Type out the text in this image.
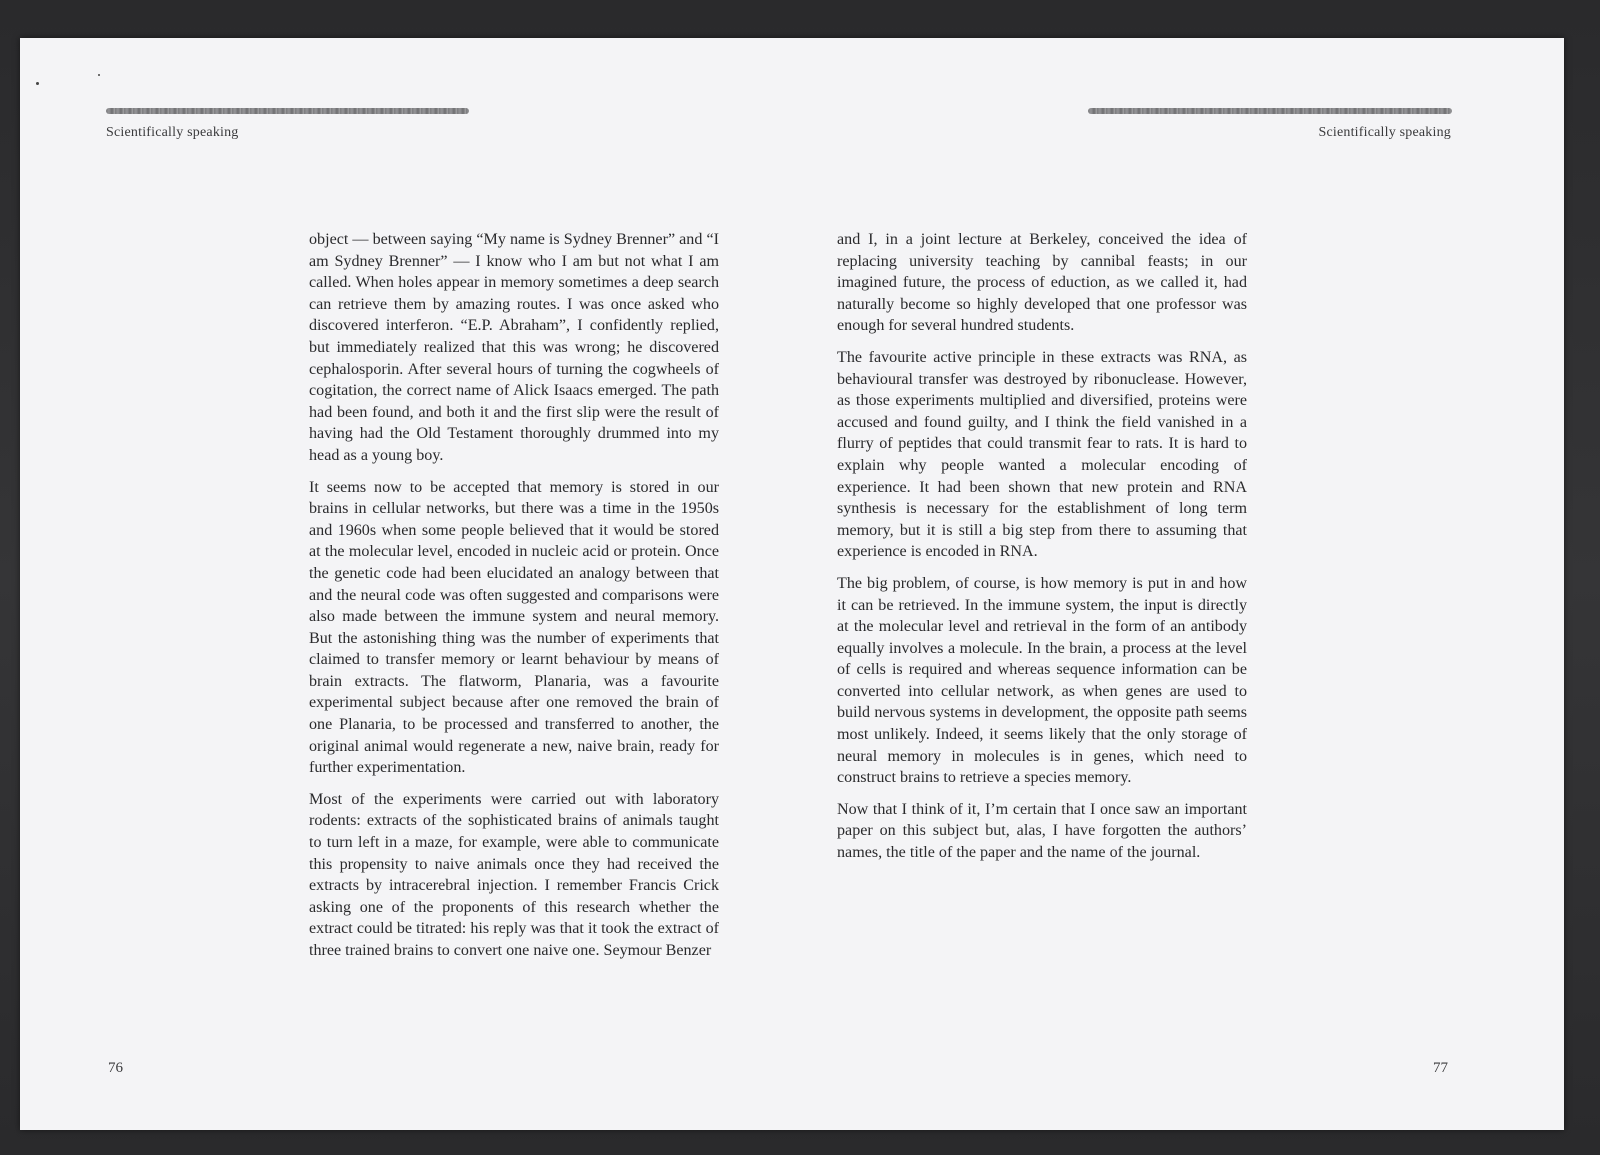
Scientifically speaking	Scientifically speaking

object — between saying “My name is Sydney Brenner” and “I am Sydney Brenner” — I know who I am but not what I am called. When holes appear in memory sometimes a deep search can retrieve them by amazing routes. I was once asked who discovered interferon. “E.P. Abraham”, I confidently replied, but immediately realized that this was wrong; he discovered cephalosporin. After several hours of turning the cogwheels of cogitation, the correct name of Alick Isaacs emerged. The path had been found, and both it and the first slip were the result of having had the Old Testament thoroughly drummed into my head as a young boy.

It seems now to be accepted that memory is stored in our brains in cellular networks, but there was a time in the 1950s and 1960s when some people believed that it would be stored at the molecular level, encoded in nucleic acid or protein. Once the genetic code had been elucidated an analogy between that and the neural code was often suggested and comparisons were also made between the immune system and neural memory. But the astonishing thing was the number of experiments that claimed to transfer memory or learnt behaviour by means of brain extracts. The flatworm, Planaria, was a favourite experimental subject because after one removed the brain of one Planaria, to be processed and transferred to another, the original animal would regenerate a new, naive brain, ready for further experimentation.

Most of the experiments were carried out with laboratory rodents: extracts of the sophisticated brains of animals taught to turn left in a maze, for example, were able to communicate this propensity to naive animals once they had received the extracts by intracerebral injection. I remember Francis Crick asking one of the proponents of this research whether the extract could be titrated: his reply was that it took the extract of three trained brains to convert one naive one. Seymour Benzer

and I, in a joint lecture at Berkeley, conceived the idea of replacing university teaching by cannibal feasts; in our imagined future, the process of eduction, as we called it, had naturally become so highly developed that one professor was enough for several hundred students.

The favourite active principle in these extracts was RNA, as behavioural transfer was destroyed by ribonuclease. However, as those experiments multiplied and diversified, proteins were accused and found guilty, and I think the field vanished in a flurry of peptides that could transmit fear to rats. It is hard to explain why people wanted a molecular encoding of experience. It had been shown that new protein and RNA synthesis is necessary for the establishment of long term memory, but it is still a big step from there to assuming that experience is encoded in RNA.

The big problem, of course, is how memory is put in and how it can be retrieved. In the immune system, the input is directly at the molecular level and retrieval in the form of an antibody equally involves a molecule. In the brain, a process at the level of cells is required and whereas sequence information can be converted into cellular network, as when genes are used to build nervous systems in development, the opposite path seems most unlikely. Indeed, it seems likely that the only storage of neural memory in molecules is in genes, which need to construct brains to retrieve a species memory.

Now that I think of it, I’m certain that I once saw an important paper on this subject but, alas, I have forgotten the authors’ names, the title of the paper and the name of the journal.

76	77
